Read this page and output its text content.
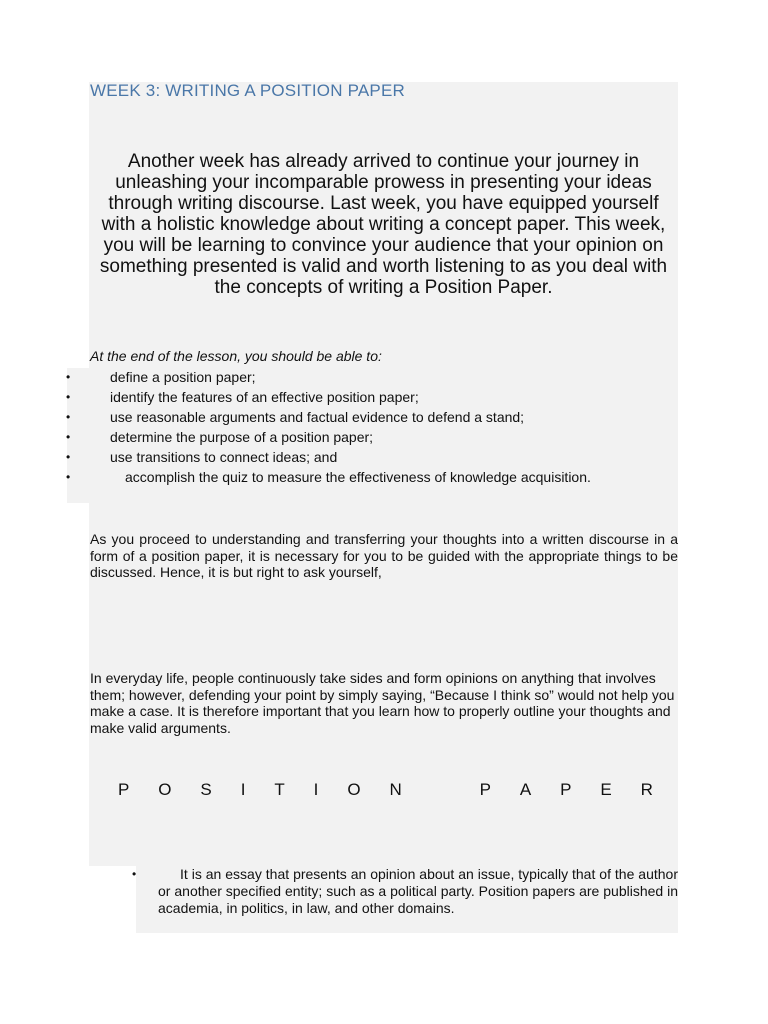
WEEK 3: WRITING A POSITION PAPER

Another week has already arrived to continue your journey in unleashing your incomparable prowess in presenting your ideas through writing discourse. Last week, you have equipped yourself with a holistic knowledge about writing a concept paper. This week, you will be learning to convince your audience that your opinion on something presented is valid and worth listening to as you deal with the concepts of writing a Position Paper.

At the end of the lesson, you should be able to:

•	define a position paper;
•	identify the features of an effective position paper;
•	use reasonable arguments and factual evidence to defend a stand;
•	determine the purpose of a position paper;
•	use transitions to connect ideas; and
•	accomplish the quiz to measure the effectiveness of knowledge acquisition.

As you proceed to understanding and transferring your thoughts into a written discourse in a form of a position paper, it is necessary for you to be guided with the appropriate things to be discussed. Hence, it is but right to ask yourself,

In everyday life, people continuously take sides and form opinions on anything that involves them; however, defending your point by simply saying, “Because I think so” would not help you make a case. It is therefore important that you learn how to properly outline your thoughts and make valid arguments.

P O S I T I O N	P A P E R
•	It is an essay that presents an opinion about an issue, typically that of the author or another specified entity; such as a political party. Position papers are published in academia, in politics, in law, and other domains.
